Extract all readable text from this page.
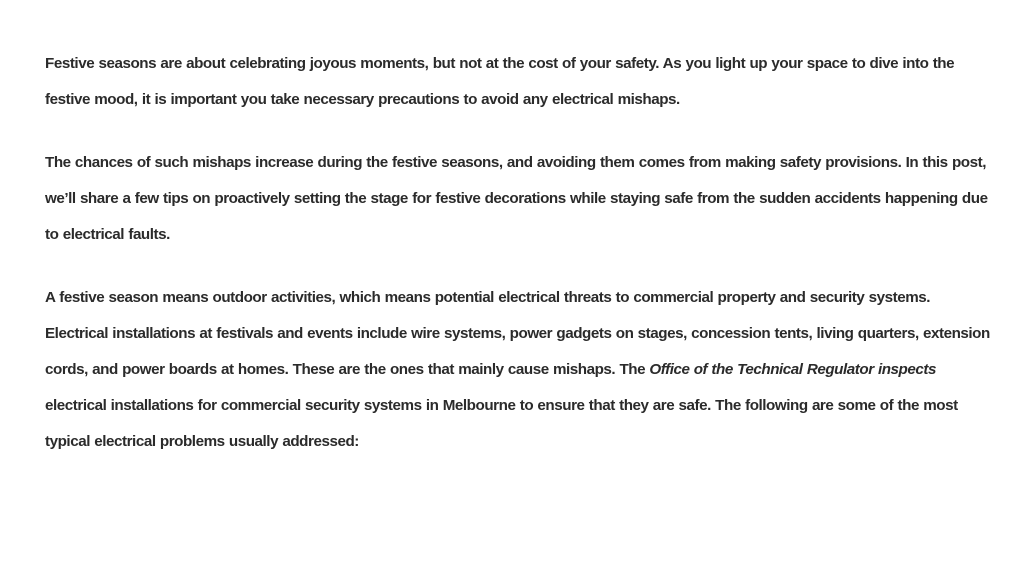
Festive seasons are about celebrating joyous moments, but not at the cost of your safety. As you light up your space to dive into the festive mood, it is important you take necessary precautions to avoid any electrical mishaps.

The chances of such mishaps increase during the festive seasons, and avoiding them comes from making safety provisions. In this post, we’ll share a few tips on proactively setting the stage for festive decorations while staying safe from the sudden accidents happening due to electrical faults.

A festive season means outdoor activities, which means potential electrical threats to commercial property and security systems. Electrical installations at festivals and events include wire systems, power gadgets on stages, concession tents, living quarters, extension cords, and power boards at homes. These are the ones that mainly cause mishaps. The Office of the Technical Regulator inspects electrical installations for commercial security systems in Melbourne to ensure that they are safe. The following are some of the most typical electrical problems usually addressed:
